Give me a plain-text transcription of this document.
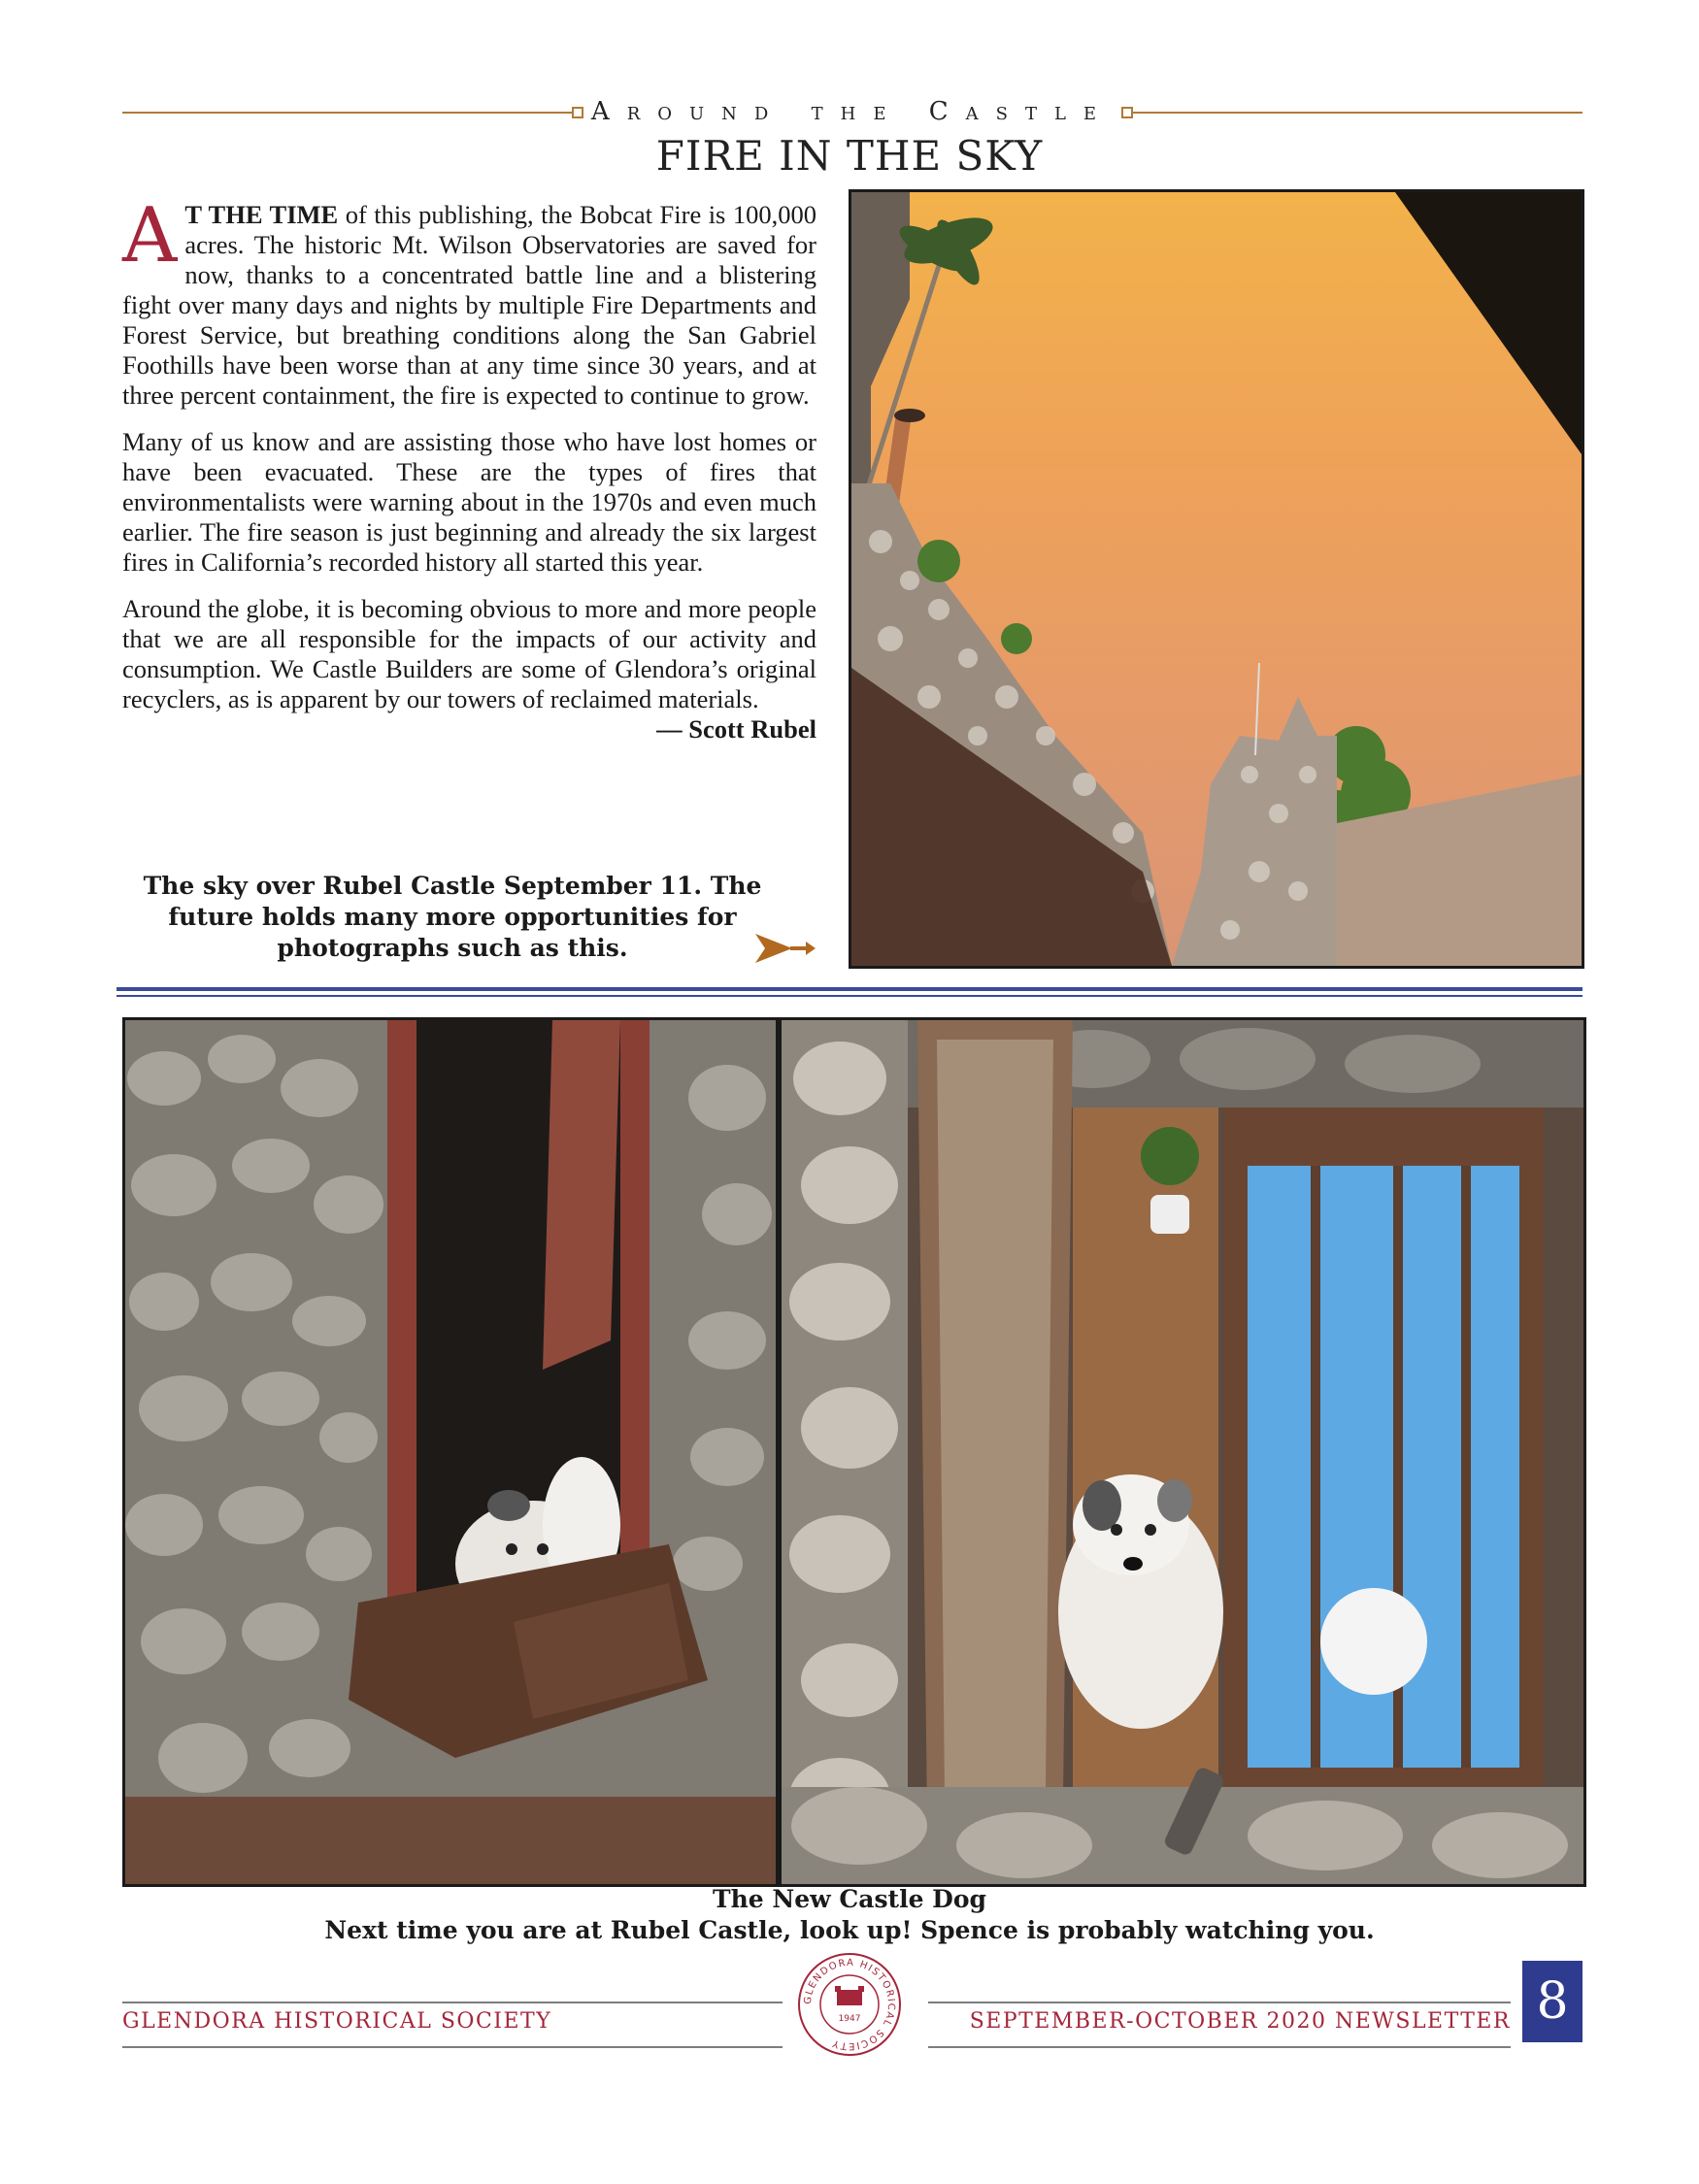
Around the Castle
FIRE IN THE SKY

A T THE TIME of this publishing, the Bobcat Fire is 100,000 acres. The historic Mt. Wilson Observatories are saved for now, thanks to a concentrated battle line and a blistering fight over many days and nights by multiple Fire Departments and Forest Service, but breathing conditions along the San Gabriel Foothills have been worse than at any time since 30 years, and at three percent containment, the fire is expected to continue to grow.

Many of us know and are assisting those who have lost homes or have been evacuated. These are the types of fires that environmentalists were warning about in the 1970s and even much earlier. The fire season is just beginning and already the six largest fires in California’s recorded history all started this year.

Around the globe, it is becoming obvious to more and more people that we are all responsible for the impacts of our activity and consumption. We Castle Builders are some of Glendora’s original recyclers, as is apparent by our towers of reclaimed materials.
— Scott Rubel

The sky over Rubel Castle September 11. The future holds many more opportunities for photographs such as this.
The New Castle Dog
Next time you are at Rubel Castle, look up! Spence is probably watching you.
GLENDORA HISTORICAL SOCIETY	SEPTEMBER-OCTOBER 2020 NEWSLETTER 8
GLENDORA HISTORICAL SOCIETY
1947
